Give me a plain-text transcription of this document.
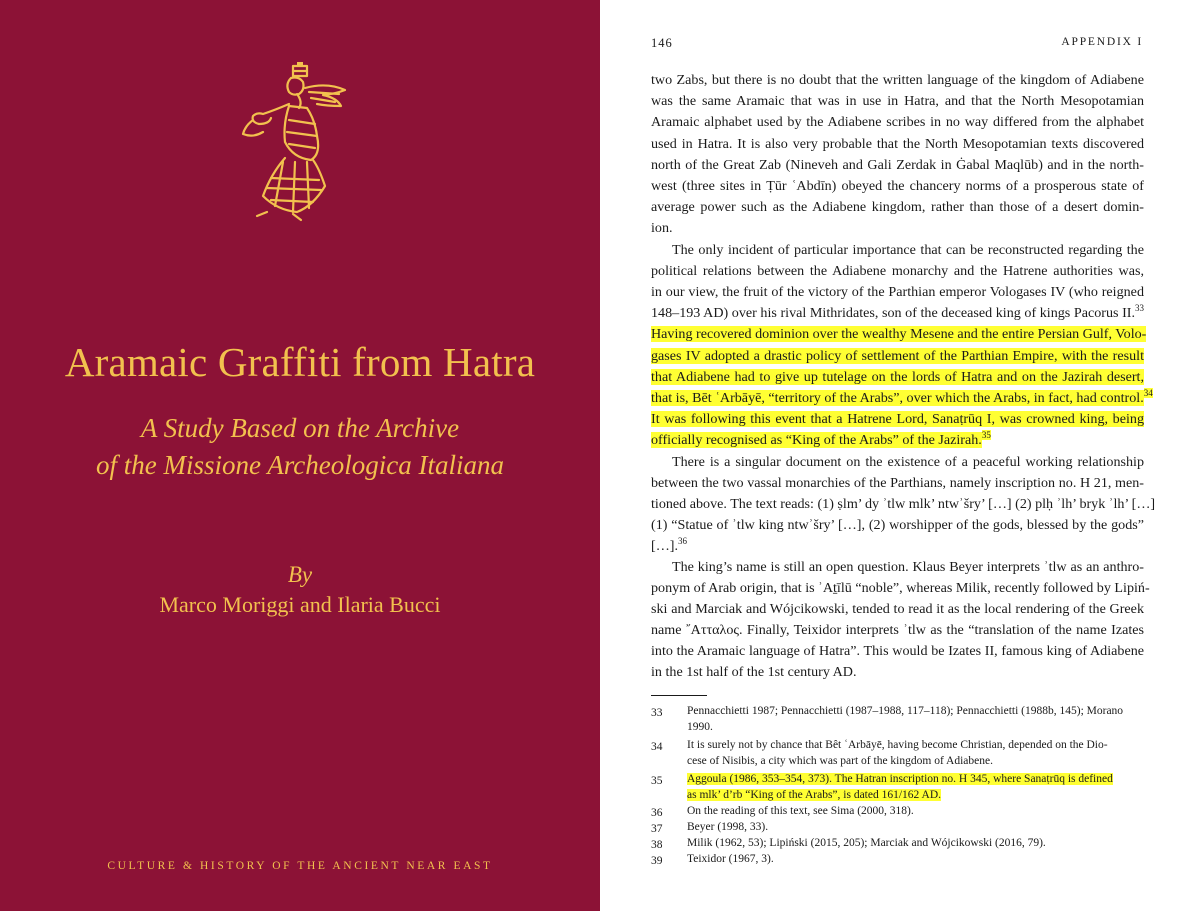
Aramaic Graffiti from Hatra
A Study Based on the Archive
of the Missione Archeologica Italiana
By
Marco Moriggi and Ilaria Bucci
CULTURE & HISTORY OF THE ANCIENT NEAR EAST
146	APPENDIX I
two Zabs, but there is no doubt that the written language of the kingdom of Adiabene
was the same Aramaic that was in use in Hatra, and that the North Mesopotamian
Aramaic alphabet used by the Adiabene scribes in no way differed from the alphabet
used in Hatra. It is also very probable that the North Mesopotamian texts discovered
north of the Great Zab (Nineveh and Gali Zerdak in Ġabal Maqlūb) and in the north-
west (three sites in Ṭūr ʿAbdīn) obeyed the chancery norms of a prosperous state of
average power such as the Adiabene kingdom, rather than those of a desert domin-
ion.
The only incident of particular importance that can be reconstructed regarding the
political relations between the Adiabene monarchy and the Hatrene authorities was,
in our view, the fruit of the victory of the Parthian emperor Vologases IV (who reigned
148–193 AD) over his rival Mithridates, son of the deceased king of kings Pacorus II.$^{33}$
Having recovered dominion over the wealthy Mesene and the entire Persian Gulf, Volo-
gases IV adopted a drastic policy of settlement of the Parthian Empire, with the result
that Adiabene had to give up tutelage on the lords of Hatra and on the Jazirah desert,
that is, Bēt ʿArbāyē, “territory of the Arabs”, over which the Arabs, in fact, had control.$^{34}$
It was following this event that a Hatrene Lord, Sanaṭrūq I, was crowned king, being
officially recognised as “King of the Arabs” of the Jazirah.$^{35}$
There is a singular document on the existence of a peaceful working relationship
between the two vassal monarchies of the Parthians, namely inscription no. H 21, men-
tioned above. The text reads: (1) ṣlm’ dy ʾtlw mlk’ ntwʾšry’ […] (2) plḥ ʾlh’ bryk ʾlh’ […]
(1) “Statue of ʾtlw king ntwʾšry’ […], (2) worshipper of the gods, blessed by the gods”
[…].$^{36}$
The king’s name is still an open question. Klaus Beyer interprets ʾtlw as an anthro-
ponym of Arab origin, that is ʾAṯīlū “noble”, whereas Milik, recently followed by Lipiń-
ski and Marciak and Wójcikowski, tended to read it as the local rendering of the Greek
name ῎Ατταλος. Finally, Teixidor interprets ʾtlw as the “translation of the name Izates
into the Aramaic language of Hatra”. This would be Izates II, famous king of Adiabene
in the 1st half of the 1st century AD.
33 Pennacchietti 1987; Pennacchietti (1987–1988, 117–118); Pennacchietti (1988b, 145); Morano
1990.
34 It is surely not by chance that Bêt ʿArbāyē, having become Christian, depended on the Dio-
cese of Nisibis, a city which was part of the kingdom of Adiabene.
35 Aggoula (1986, 353–354, 373). The Hatran inscription no. H 345, where Sanaṭrūq is defined
as mlk’ d’rb “King of the Arabs”, is dated 161/162 AD.
36 On the reading of this text, see Sima (2000, 318).
37 Beyer (1998, 33).
38 Milik (1962, 53); Lipiński (2015, 205); Marciak and Wójcikowski (2016, 79).
39 Teixidor (1967, 3).
